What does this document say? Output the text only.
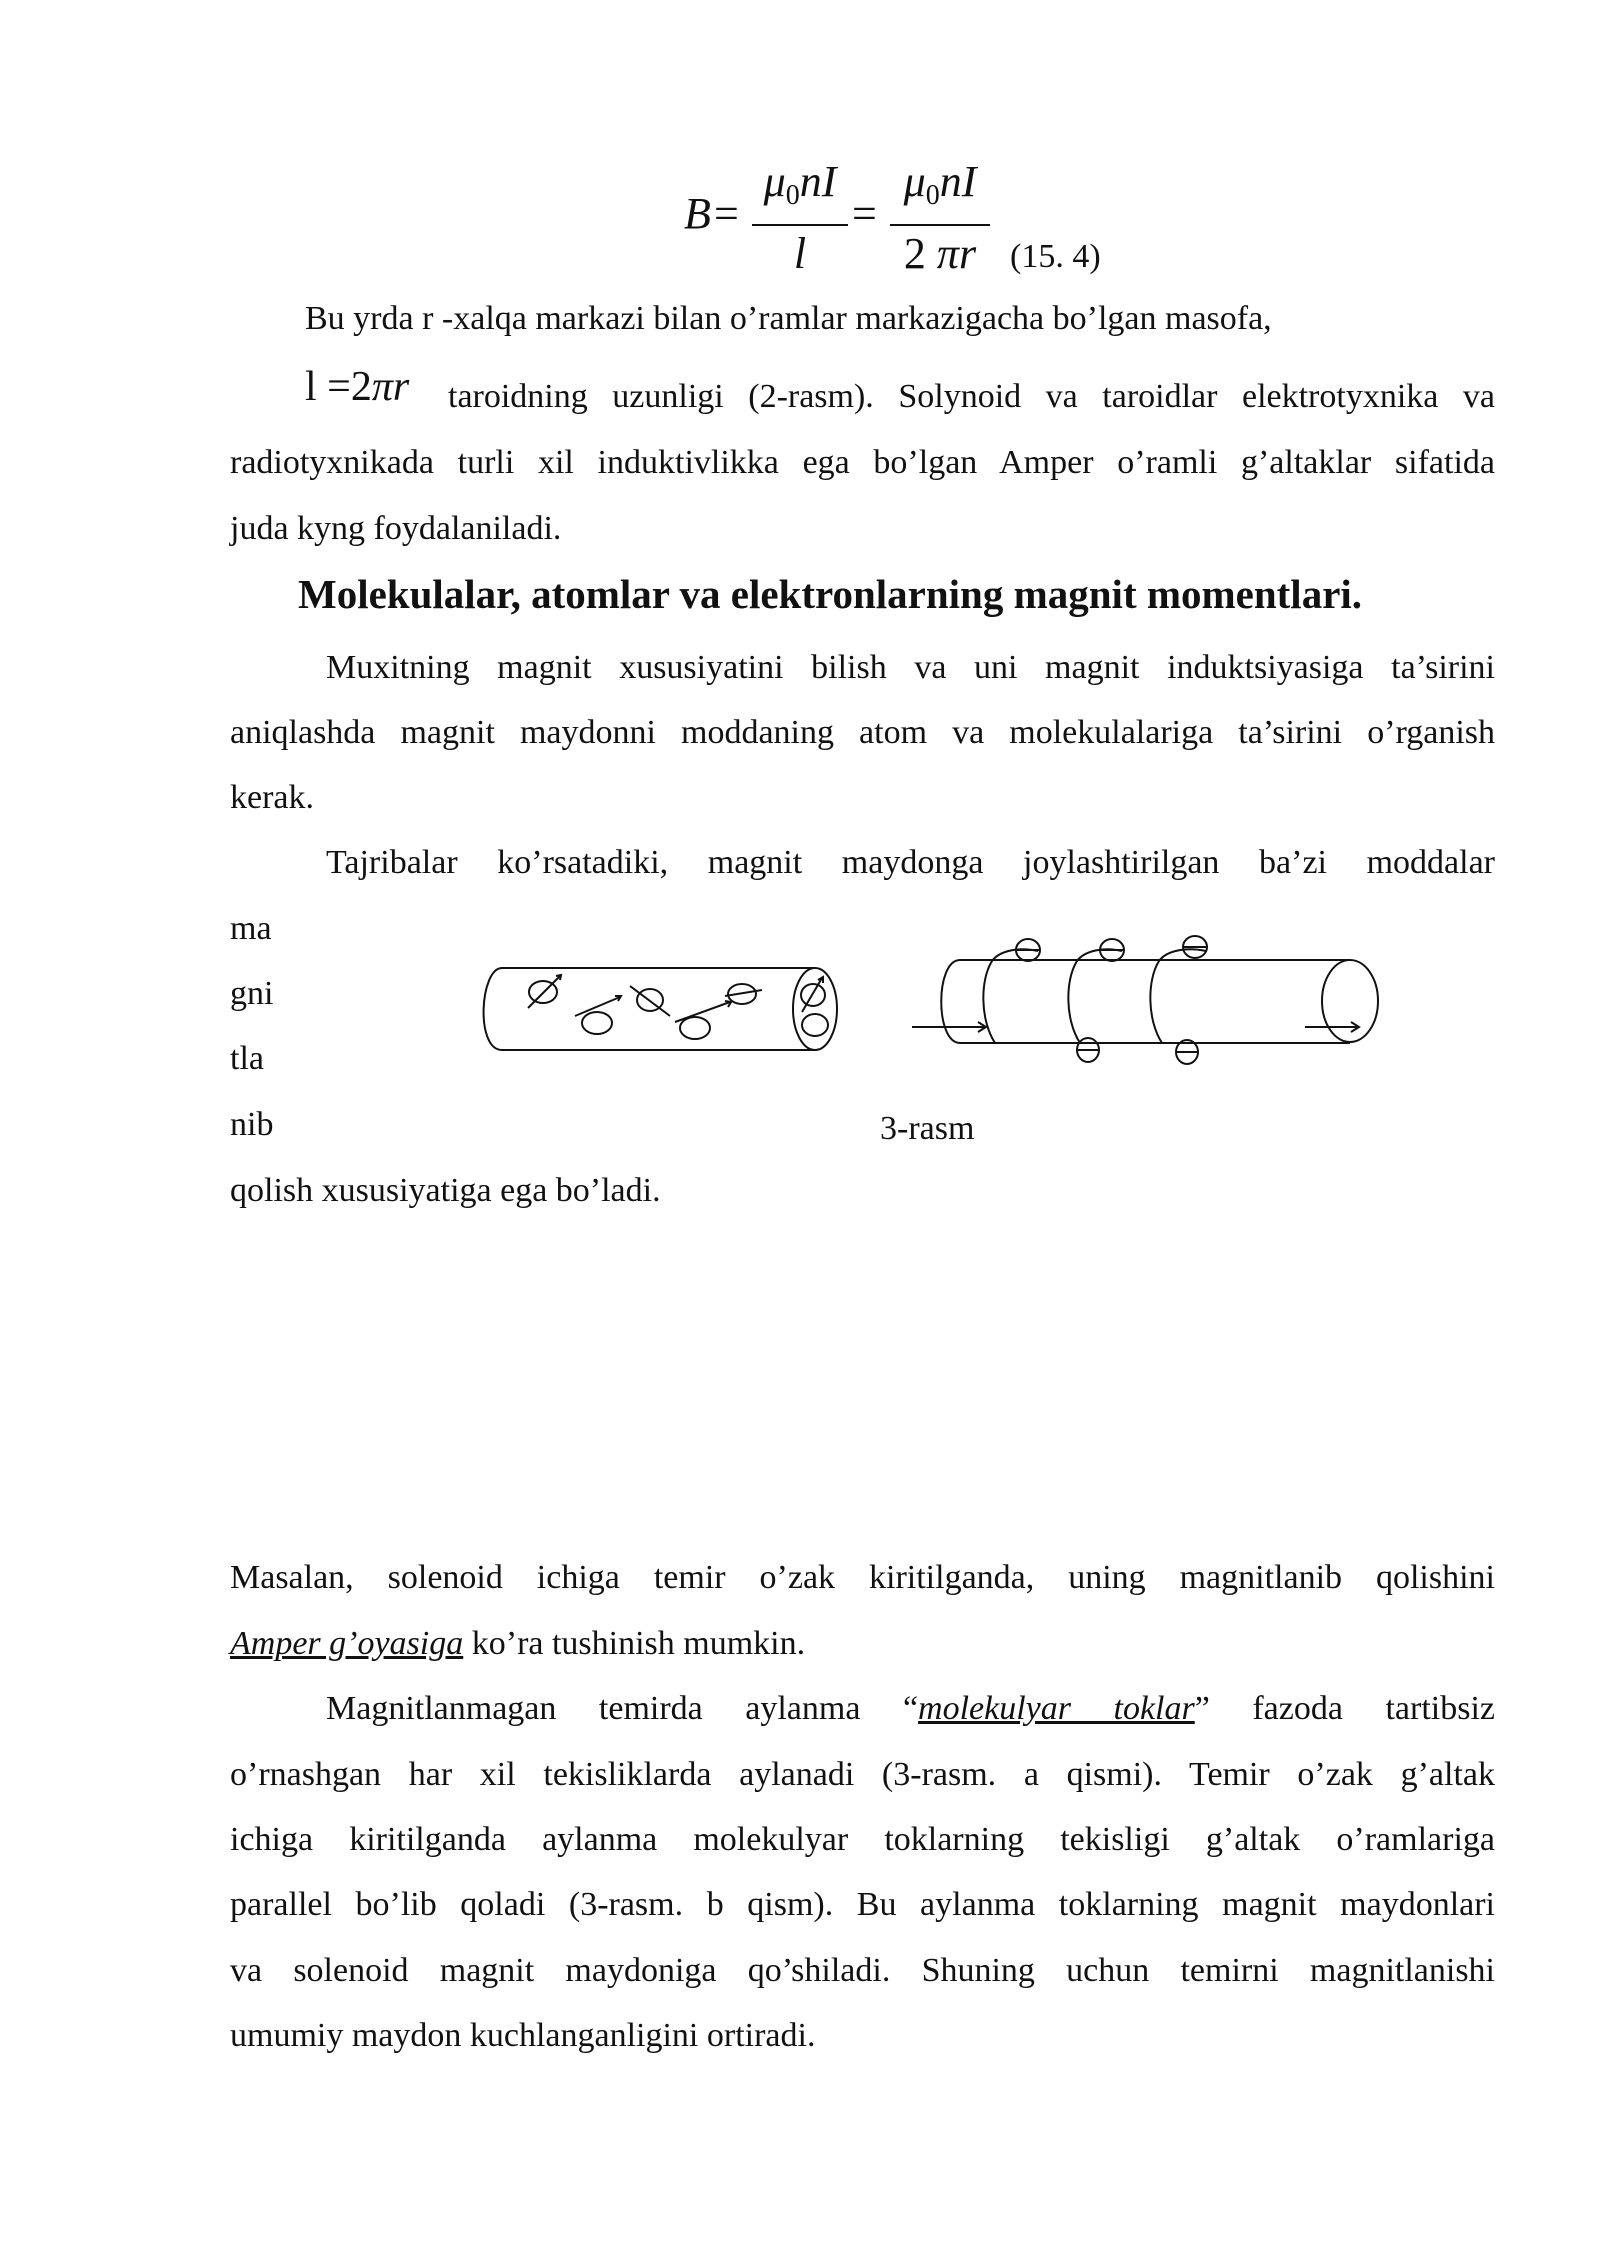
B =
$\mu_0nI$
l
=
$\mu_0nI$
2 πr (15. 4)
Bu yrda r -xalqa markazi bilan o’ramlar markazigacha bo’lgan masofa,
l =2πr taroidning uzunligi (2-rasm). Solynoid va taroidlar elektrotyxnika va
radiotyxnikada turli xil induktivlikka ega bo’lgan Amper o’ramli g’altaklar sifatida
juda kyng foydalaniladi.
Molekulalar, atomlar va elektronlarning magnit momentlari.
Muxitning magnit xususiyatini bilish va uni magnit induktsiyasiga ta’sirini
aniqlashda magnit maydonni moddaning atom va molekulalariga ta’sirini o’rganish
kerak.
Tajribalar ko’rsatadiki, magnit maydonga joylashtirilgan ba’zi moddalar
ma
gni
tla
nib
qolish xususiyatiga ega bo’ladi.
3-rasm
Masalan, solenoid ichiga temir o’zak kiritilganda, uning magnitlanib qolishini
Amper g’oyasiga ko’ra tushinish mumkin.
Magnitlanmagan temirda aylanma “molekulyar toklar” fazoda tartibsiz
o’rnashgan har xil tekisliklarda aylanadi (3-rasm. a qismi). Temir o’zak g’altak
ichiga kiritilganda aylanma molekulyar toklarning tekisligi g’altak o’ramlariga
parallel bo’lib qoladi (3-rasm. b qism). Bu aylanma toklarning magnit maydonlari
va solenoid magnit maydoniga qo’shiladi. Shuning uchun temirni magnitlanishi
umumiy maydon kuchlanganligini ortiradi.
